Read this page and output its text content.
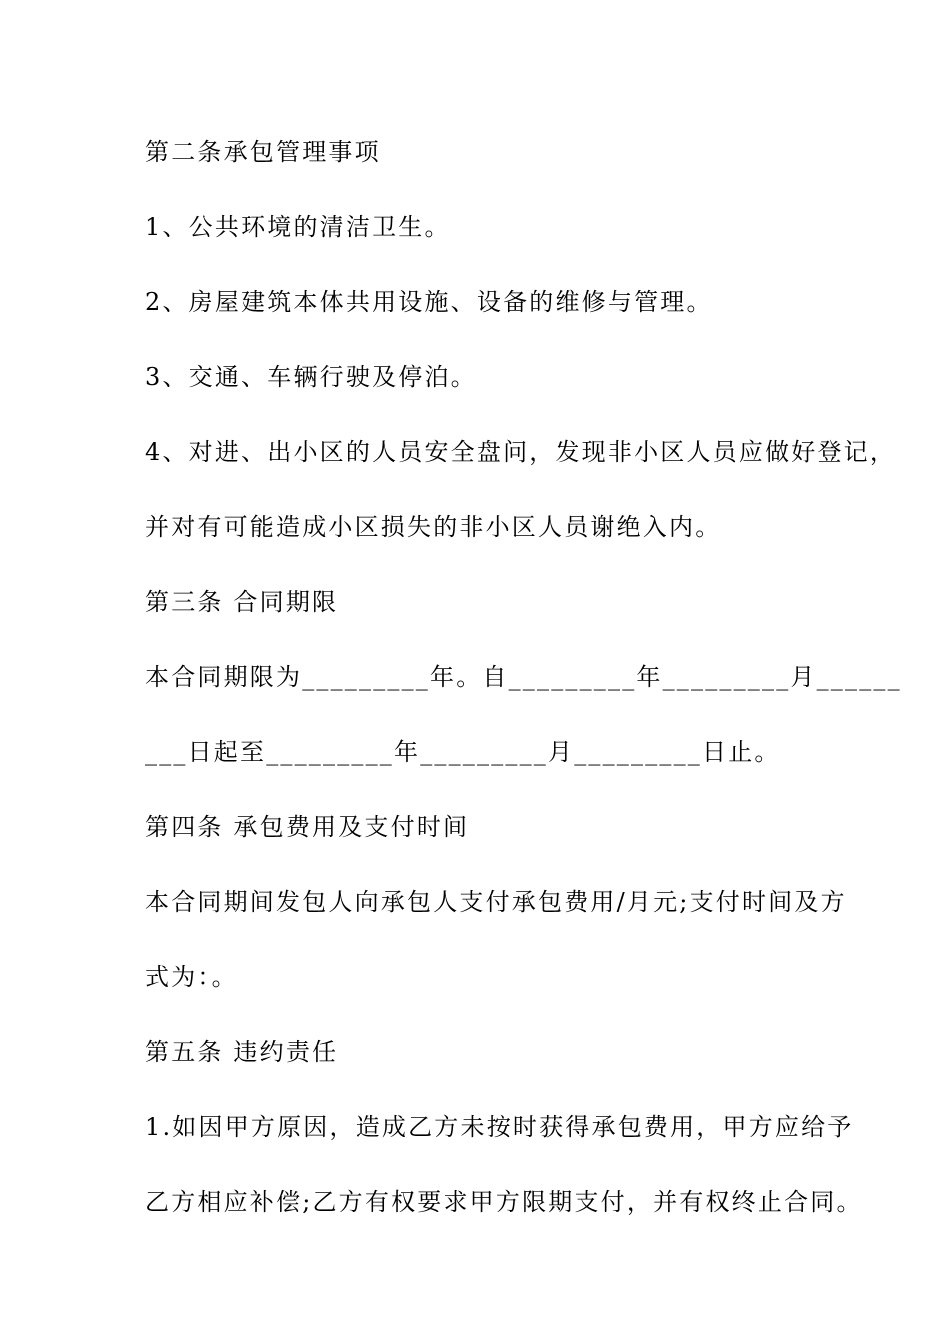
第二条承包管理事项
1、公共环境的清洁卫生。
2、房屋建筑本体共用设施、设备的维修与管理。
3、交通、车辆行驶及停泊。
4、对进、出小区的人员安全盘问，发现非小区人员应做好登记，
并对有可能造成小区损失的非小区人员谢绝入内。
第三条 合同期限
本合同期限为_________年。自_________年_________月______
___日起至_________年_________月_________日止。
第四条 承包费用及支付时间
本合同期间发包人向承包人支付承包费用/月元;支付时间及方
式为：。
第五条 违约责任
1.如因甲方原因，造成乙方未按时获得承包费用，甲方应给予
乙方相应补偿;乙方有权要求甲方限期支付，并有权终止合同。
